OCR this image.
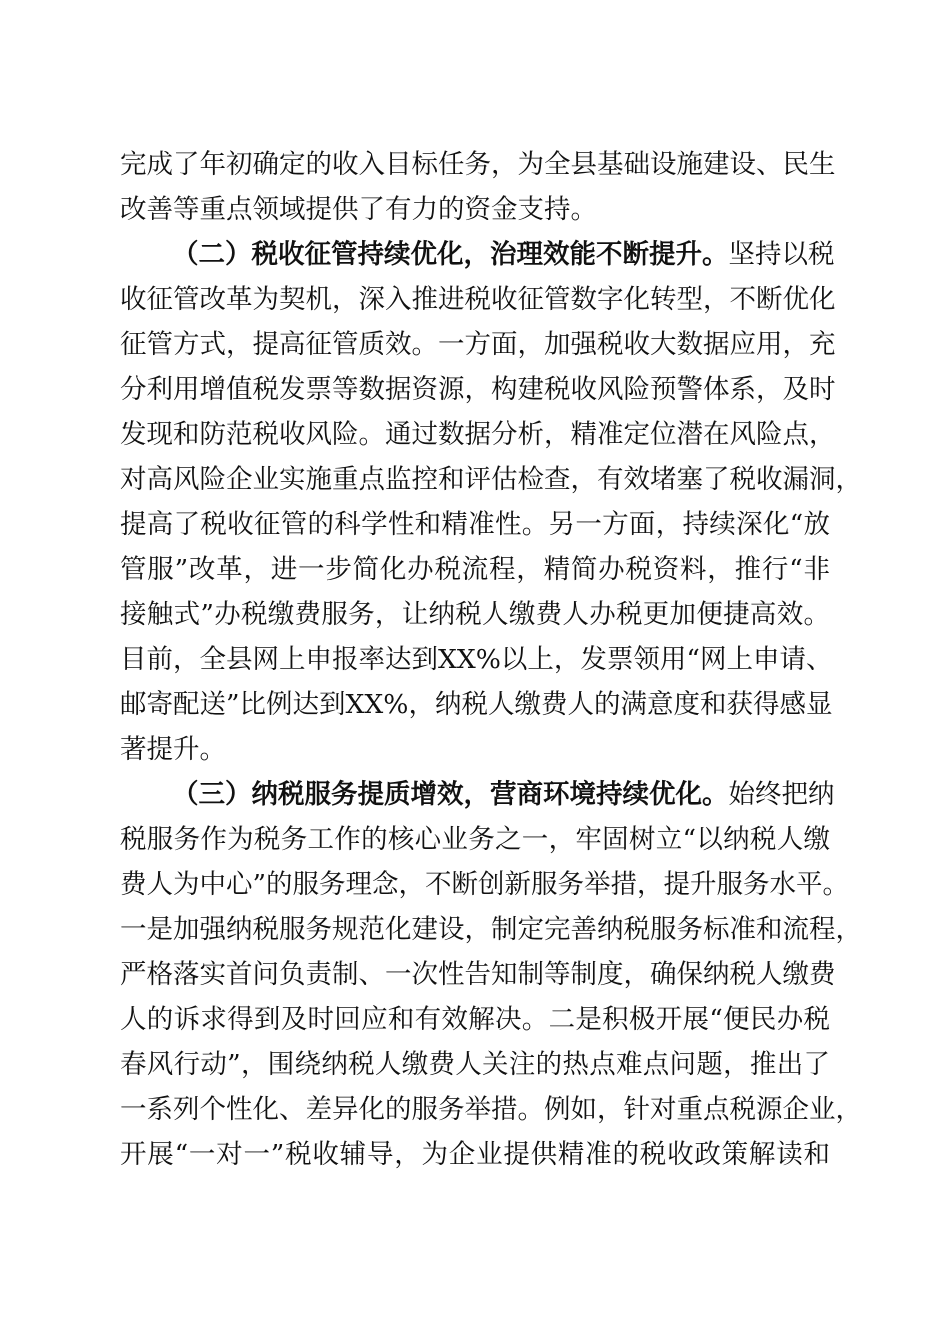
完成了年初确定的收入目标任务，为全县基础设施建设、民生
改善等重点领域提供了有力的资金支持。
（二）税收征管持续优化，治理效能不断提升。坚持以税
收征管改革为契机，深入推进税收征管数字化转型，不断优化
征管方式，提高征管质效。一方面，加强税收大数据应用，充
分利用增值税发票等数据资源，构建税收风险预警体系，及时
发现和防范税收风险。通过数据分析，精准定位潜在风险点，
对高风险企业实施重点监控和评估检查，有效堵塞了税收漏洞，
提高了税收征管的科学性和精准性。另一方面，持续深化“放
管服”改革，进一步简化办税流程，精简办税资料，推行“非
接触式”办税缴费服务，让纳税人缴费人办税更加便捷高效。
目前，全县网上申报率达到XX%以上，发票领用“网上申请、
邮寄配送”比例达到XX%，纳税人缴费人的满意度和获得感显
著提升。
（三）纳税服务提质增效，营商环境持续优化。始终把纳
税服务作为税务工作的核心业务之一，牢固树立“以纳税人缴
费人为中心”的服务理念，不断创新服务举措，提升服务水平。
一是加强纳税服务规范化建设，制定完善纳税服务标准和流程，
严格落实首问负责制、一次性告知制等制度，确保纳税人缴费
人的诉求得到及时回应和有效解决。二是积极开展“便民办税
春风行动”，围绕纳税人缴费人关注的热点难点问题，推出了
一系列个性化、差异化的服务举措。例如，针对重点税源企业，
开展“一对一”税收辅导，为企业提供精准的税收政策解读和
